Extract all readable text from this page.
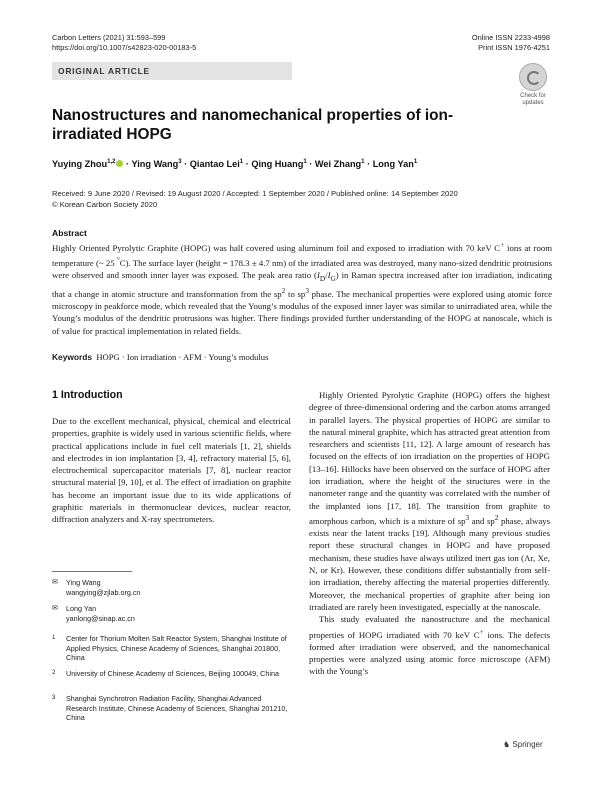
Carbon Letters (2021) 31:593–599
https://doi.org/10.1007/s42823-020-00183-5
Online ISSN 2233-4998
Print ISSN 1976-4251
ORIGINAL ARTICLE
Check for
updates
Nanostructures and nanomechanical properties of ion-irradiated HOPG
Yuying Zhou$^{1,2}$ · Ying Wang$^3$ · Qiantao Lei$^1$ · Qing Huang$^1$ · Wei Zhang$^1$ · Long Yan$^1$
Received: 9 June 2020 / Revised: 19 August 2020 / Accepted: 1 September 2020 / Published online: 14 September 2020
© Korean Carbon Society 2020
Abstract
Highly Oriented Pyrolytic Graphite (HOPG) was half covered using aluminum foil and exposed to irradiation with 70 keV C+ ions at room temperature (~ 25 °C). The surface layer (height = 178.3 ± 4.7 nm) of the irradiated area was destroyed, many nano-sized dendritic protrusions were observed and smooth inner layer was exposed. The peak area ratio $(I_D/I_G)$ in Raman spectra increased after ion irradiation, indicating that a change in atomic structure and transformation from the $sp^2$ to $sp^3$ phase. The mechanical properties were explored using atomic force microscopy in peakforce mode, which revealed that the Young’s modulus of the exposed inner layer was similar to unirradiated area, while the Young’s modulus of the dendritic protrusions was higher. There findings provided further understanding of the HOPG at nanoscale, which is of value for practical implementation in related fields.
Keywords HOPG · Ion irradiation · AFM · Young’s modulus
1 Introduction

Due to the excellent mechanical, physical, chemical and electrical properties, graphite is widely used in various scientific fields, where practical applications include in fuel cell materials [1, 2], shields and electrodes in ion implantation [3, 4], refractory material [5, 6], electrochemical supercapacitor materials [7, 8], nuclear reactor structural material [9, 10], et al. The effect of irradiation on graphite has become an important issue due to its wide applications of graphitic materials in thermonuclear devices, nuclear reactor, diffraction analyzers and X-ray spectrometers.

Highly Oriented Pyrolytic Graphite (HOPG) offers the highest degree of three-dimensional ordering and the carbon atoms arranged in parallel layers. The physical properties of HOPG are similar to the natural mineral graphite, which has attracted great attention from researchers and scientists [11, 12]. A large amount of research has focused on the effects of ion irradiation on the properties of HOPG [13–16]. Hillocks have been observed on the surface of HOPG after ion irradiation, where the height of the structures were in the nanometer range and the quantity was correlated with the number of the implanted ions [17, 18]. The transition from graphite to amorphous carbon, which is a mixture of $sp^3$ and $sp^2$ phase, always exists near the latent tracks [19]. Although many previous studies report these structural changes in HOPG and have proposed mechanism, these studies have always utilized inert gas ion (Ar, Xe, N, or Kr). However, these conditions differ substantially from self-ion irradiation, thereby affecting the material properties differently. Moreover, the mechanical properties of graphite after being ion irradiated are rarely been investigated, especially at the nanoscale.

This study evaluated the nanostructure and the mechanical properties of HOPG irradiated with 70 keV C+ ions. The defects formed after irradiation were observed, and the nanomechanical properties were analyzed using atomic force microscope (AFM) with the Young’s

✉ Ying Wang
wangying@zjlab.org.cn
✉ Long Yan
yanlong@sinap.ac.cn
1 Center for Thorium Molten Salt Reactor System, Shanghai Institute of Applied Physics, Chinese Academy of Sciences, Shanghai 201800, China
2 University of Chinese Academy of Sciences, Beijing 100049, China
3 Shanghai Synchrotron Radiation Facility, Shanghai Advanced Research Institute, Chinese Academy of Sciences, Shanghai 201210, China
♞ Springer
